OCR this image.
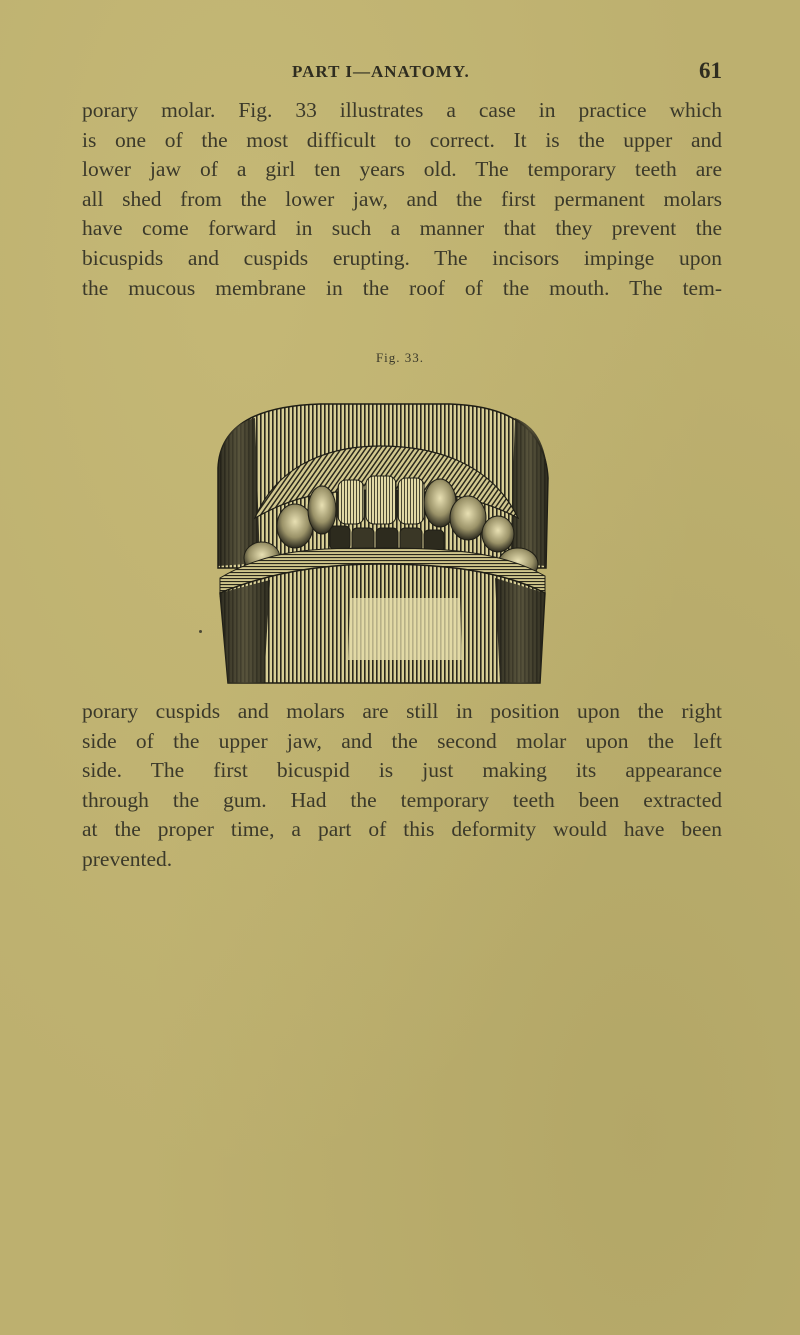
PART I—ANATOMY.	61

porary molar. Fig. 33 illustrates a case in practice which
is one of the most difficult to correct. It is the upper and
lower jaw of a girl ten years old. The temporary teeth are
all shed from the lower jaw, and the first permanent molars
have come forward in such a manner that they prevent the
bicuspids and cuspids erupting. The incisors impinge upon
the mucous membrane in the roof of the mouth. The tem-

Fig. 33.

porary cuspids and molars are still in position upon the right
side of the upper jaw, and the second molar upon the left
side. The first bicuspid is just making its appearance
through the gum. Had the temporary teeth been extracted
at the proper time, a part of this deformity would have been
prevented.
